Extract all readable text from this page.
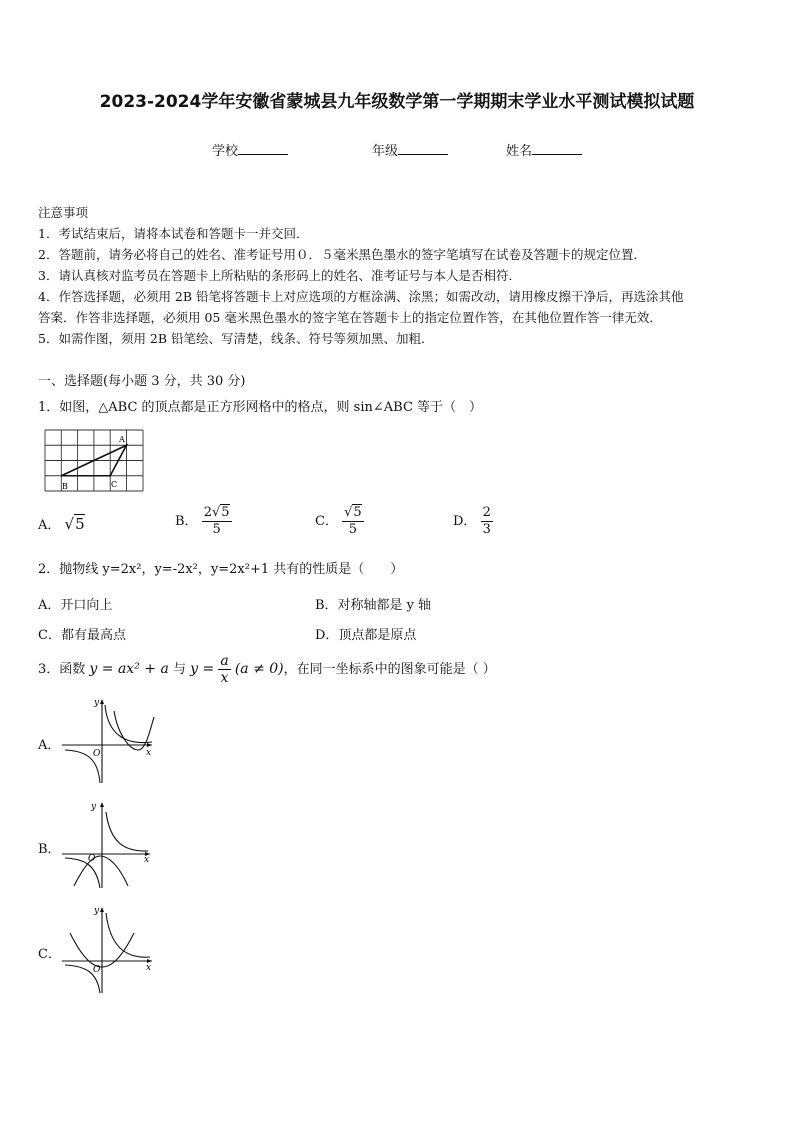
2023-2024学年安徽省蒙城县九年级数学第一学期期末学业水平测试模拟试题
学校	年级	姓名
注意事项
1．考试结束后，请将本试卷和答题卡一并交回．
2．答题前，请务必将自己的姓名、准考证号用０．５毫米黑色墨水的签字笔填写在试卷及答题卡的规定位置．
3．请认真核对监考员在答题卡上所粘贴的条形码上的姓名、准考证号与本人是否相符．
4．作答选择题，必须用 2B 铅笔将答题卡上对应选项的方框涂满、涂黑；如需改动，请用橡皮擦干净后，再选涂其他
答案．作答非选择题，必须用 05 毫米黑色墨水的签字笔在答题卡上的指定位置作答，在其他位置作答一律无效．
5．如需作图，须用 2B 铅笔绘、写清楚，线条、符号等须加黑、加粗．
一、选择题(每小题 3 分，共 30 分)
1．如图，△ABC 的顶点都是正方形网格中的格点，则 sin∠ABC 等于（　）
A
B	C
A． √5	B． $\frac{2√5}{5}$	C． $\frac{√5}{5}$	D． $\frac{2}{3}$
2．抛物线 y=2x²，y=-2x²，y=2x²+1 共有的性质是（　　）
A．开口向上	B．对称轴都是 y 轴
C．都有最高点	D．顶点都是原点
3．函数 y = ax² + a 与 $y = \frac{a}{x} (a \ne 0)$，在同一坐标系中的图象可能是（ ）
A．
y
x
O
B．
y
x
O
C．
y
x
O
